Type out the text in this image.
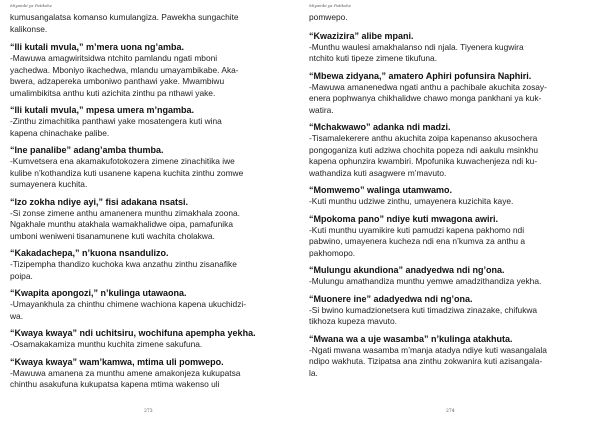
Miyambi ya Patikshe
kumusangalatsa komanso kumulangiza. Pawekha sungachite
kalikonse.
“Ili kutali mvula,” m’mera uona ng’amba.
-Mawuwa amagwiritsidwa ntchito pamlandu ngati mboni
yachedwa. Mboniyo ikachedwa, mlandu umayambikabe. Aka-
bwera, adzapereka umboniwo panthawi yake. Mwambiwu
umalimbikitsa anthu kuti azichita zinthu pa nthawi yake.
“Ili kutali mvula,” mpesa umera m’ngamba.
-Zinthu zimachitika panthawi yake mosatengera kuti wina
kapena chinachake palibe.
“Ine panalibe” adang’amba thumba.
-Kumvetsera ena akamakufotokozera zimene zinachitika iwe
kulibe n’kothandiza kuti usanene kapena kuchita zinthu zomwe
sumayenera kuchita.
“Izo zokha ndiye ayi,” fisi adakana nsatsi.
-Si zonse zimene anthu amanenera munthu zimakhala zoona.
Ngakhale munthu atakhala wamakhalidwe oipa, pamafunika
umboni weniweni tisanamunene kuti wachita cholakwa.
“Kakadachepa,” n’kuona nsandulizo.
-Tizipempha thandizo kuchoka kwa anzathu zinthu zisanafike
poipa.
“Kwapita apongozi,” n’kulinga utawaona.
-Umayankhula za chinthu chimene wachiona kapena ukuchidzi-
wa.
“Kwaya kwaya” ndi uchitsiru, wochifuna apempha yekha.
-Osamakakamiza munthu kuchita zimene sakufuna.
“Kwaya kwaya” wam’kamwa, mtima uli pomwepo.
-Mawuwa amanena za munthu amene amakonjeza kukupatsa
chinthu asakufuna kukupatsa kapena mtima wakenso uli
273
Miyambi ya Patikshe
pomwepo.
“Kwazizira” alibe mpani.
-Munthu waulesi amakhalanso ndi njala. Tiyenera kugwira
ntchito kuti tipeze zimene tikufuna.
“Mbewa zidyana,” amatero Aphiri pofunsira Naphiri.
-Mawuwa amanenedwa ngati anthu a pachibale akuchita zosay-
enera pophwanya chikhalidwe chawo monga pankhani ya kuk-
watira.
“Mchakwawo” adanka ndi madzi.
-Tisamalekerere anthu akuchita zoipa kapenanso akusochera
pongoganiza kuti adziwa chochita popeza ndi aakulu msinkhu
kapena ophunzira kwambiri. Mpofunika kuwachenjeza ndi ku-
wathandiza kuti asagwere m’mavuto.
“Momwemo” walinga utamwamo.
-Kuti munthu udziwe zinthu, umayenera kuzichita kaye.
“Mpokoma pano” ndiye kuti mwagona awiri.
-Kuti munthu uyamikire kuti pamudzi kapena pakhomo ndi
pabwino, umayenera kucheza ndi ena n’kumva za anthu a
pakhomopo.
“Mulungu akundiona” anadyedwa ndi ng’ona.
-Mulungu amathandiza munthu yemwe amadzithandiza yekha.
“Muonere ine” adadyedwa ndi ng’ona.
-Si bwino kumadzionetsera kuti timadziwa zinazake, chifukwa
tikhoza kupeza mavuto.
“Mwana wa a uje wasamba” n’kulinga atakhuta.
-Ngati mwana wasamba m’manja atadya ndiye kuti wasangalala
ndipo wakhuta. Tizipatsa ana zinthu zokwanira kuti azisangala-
la.
274
